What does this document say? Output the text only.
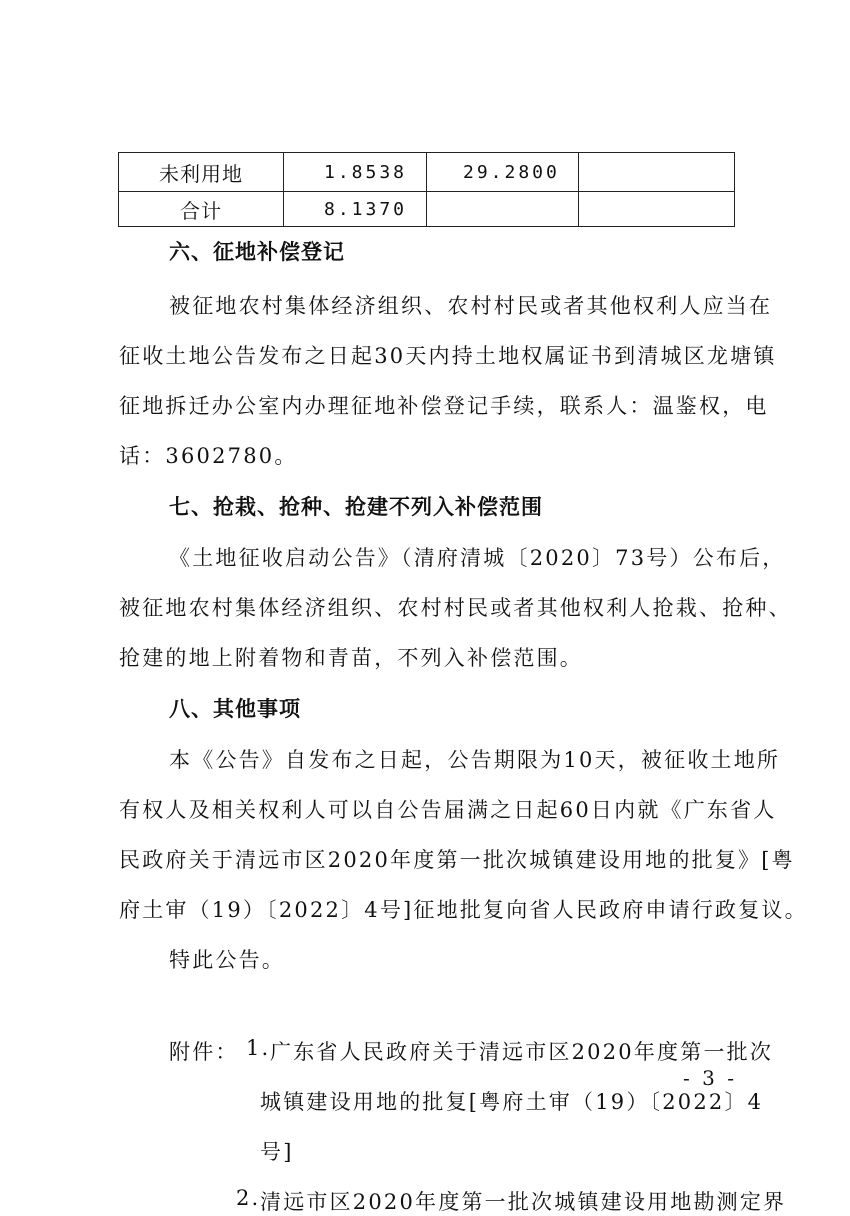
未利用地	1.8538	29.2800	
合计	8.1370		
六、征地补偿登记
被征地农村集体经济组织、农村村民或者其他权利人应当在
征收土地公告发布之日起30天内持土地权属证书到清城区龙塘镇
征地拆迁办公室内办理征地补偿登记手续，联系人：温鉴权，电
话：3602780。
七、抢栽、抢种、抢建不列入补偿范围
《土地征收启动公告》（清府清城〔2020〕73号）公布后，
被征地农村集体经济组织、农村村民或者其他权利人抢栽、抢种、
抢建的地上附着物和青苗，不列入补偿范围。
八、其他事项
本《公告》自发布之日起，公告期限为10天，被征收土地所
有权人及相关权利人可以自公告届满之日起60日内就《广东省人
民政府关于清远市区2020年度第一批次城镇建设用地的批复》[粤
府土审（19）〔2022〕4号]征地批复向省人民政府申请行政复议。
特此公告。
附件： 1. 广东省人民政府关于清远市区2020年度第一批次
城镇建设用地的批复[粤府土审（19）〔2022〕4
号]
2. 清远市区2020年度第一批次城镇建设用地勘测定界
- 3 -
